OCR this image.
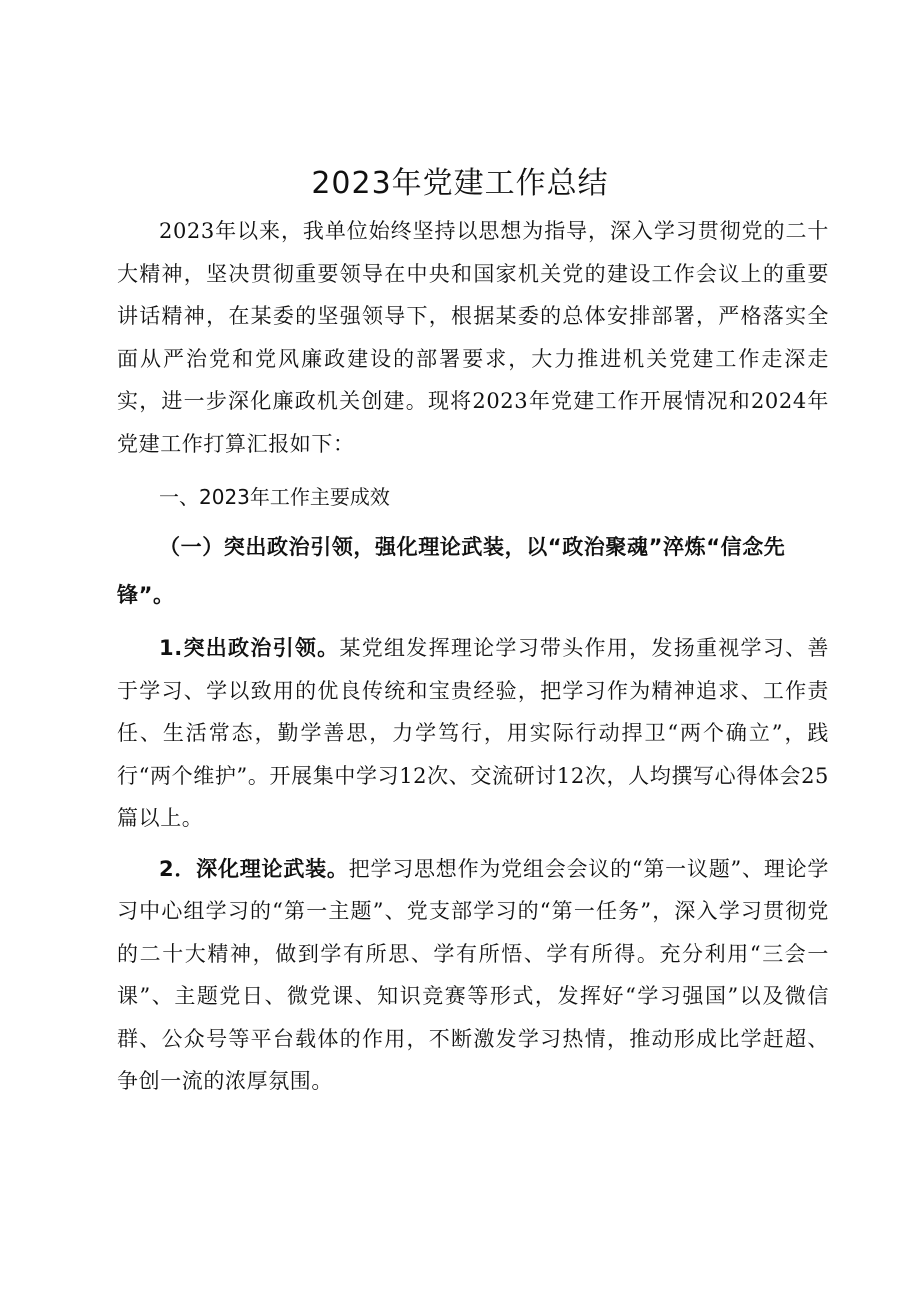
2023年党建工作总结

2023年以来，我单位始终坚持以思想为指导，深入学习贯彻党的二十大精神，坚决贯彻重要领导在中央和国家机关党的建设工作会议上的重要讲话精神，在某委的坚强领导下，根据某委的总体安排部署，严格落实全面从严治党和党风廉政建设的部署要求，大力推进机关党建工作走深走实，进一步深化廉政机关创建。现将2023年党建工作开展情况和2024年党建工作打算汇报如下：

一、2023年工作主要成效

（一）突出政治引领，强化理论武装，以“政治聚魂”淬炼“信念先锋”。

1.突出政治引领。某党组发挥理论学习带头作用，发扬重视学习、善于学习、学以致用的优良传统和宝贵经验，把学习作为精神追求、工作责任、生活常态，勤学善思，力学笃行，用实际行动捍卫“两个确立”，践行“两个维护”。开展集中学习12次、交流研讨12次，人均撰写心得体会25篇以上。

2．深化理论武装。把学习思想作为党组会会议的“第一议题”、理论学习中心组学习的“第一主题”、党支部学习的“第一任务”，深入学习贯彻党的二十大精神，做到学有所思、学有所悟、学有所得。充分利用“三会一课”、主题党日、微党课、知识竞赛等形式，发挥好“学习强国”以及微信群、公众号等平台载体的作用，不断激发学习热情，推动形成比学赶超、争创一流的浓厚氛围。
